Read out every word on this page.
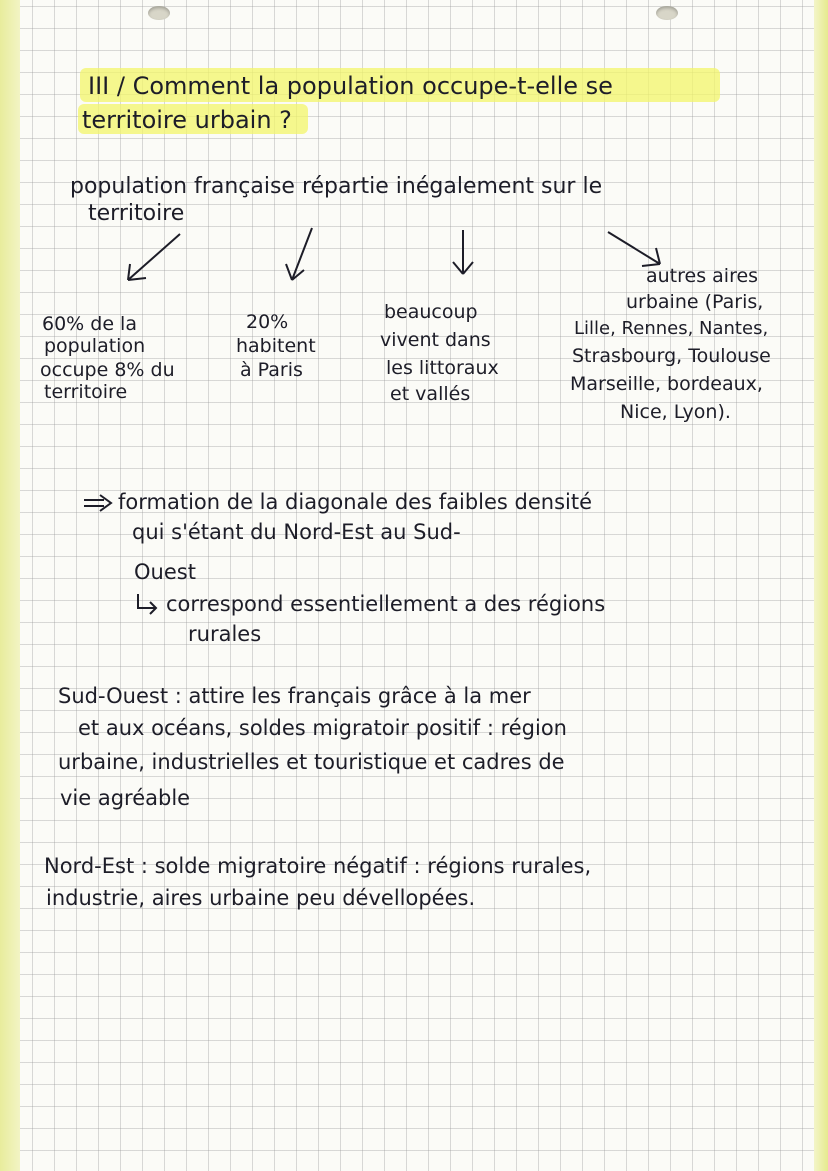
III / Comment la population occupe-t-elle se
territoire urbain ?
population française répartie inégalement sur le
territoire
60% de la
population
occupe 8% du
territoire
20%
habitent
à Paris
beaucoup
vivent dans
les littoraux
et vallés
autres aires
urbaine (Paris,
Lille, Rennes, Nantes,
Strasbourg, Toulouse
Marseille, bordeaux,
Nice, Lyon).
formation de la diagonale des faibles densité
qui s'étant du Nord-Est au Sud-
Ouest
correspond essentiellement a des régions
rurales
Sud-Ouest : attire les français grâce à la mer
et aux océans, soldes migratoir positif : région
urbaine, industrielles et touristique et cadres de
vie agréable
Nord-Est : solde migratoire négatif : régions rurales,
industrie, aires urbaine peu dévellopées.
